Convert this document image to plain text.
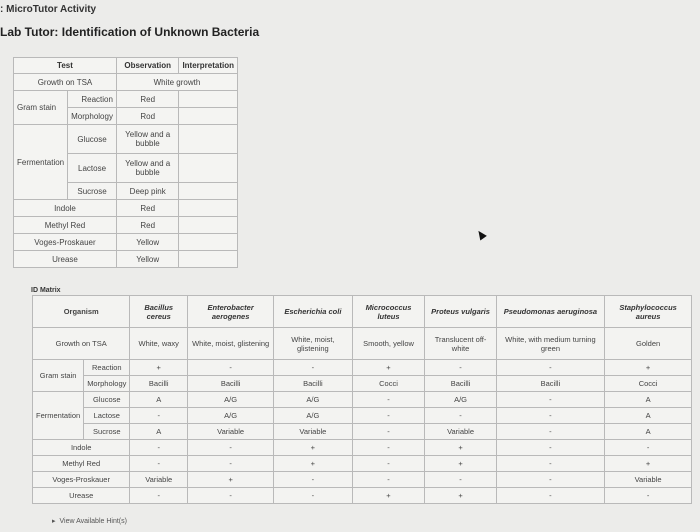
: MicroTutor Activity
Lab Tutor: Identification of Unknown Bacteria
Test		Observation	Interpretation
Growth on TSA		White growth	
Gram stain	Reaction	Red	
	Morphology	Rod	
Fermentation	Glucose	Yellow and a bubble	
	Lactose	Yellow and a bubble	
	Sucrose	Deep pink	
Indole		Red	
Methyl Red		Red	
Voges-Proskauer		Yellow	
Urease		Yellow	
ID Matrix
Organism		Bacillus cereus	Enterobacter aerogenes	Escherichia coli	Micrococcus luteus	Proteus vulgaris	Pseudomonas aeruginosa	Staphylococcus aureus
Growth on TSA		White, waxy	White, moist, glistening	White, moist, glistening	Smooth, yellow	Translucent off-white	White, with medium turning green	Golden
Gram stain	Reaction	+	-	-	+	-	-	+
	Morphology	Bacilli	Bacilli	Bacilli	Cocci	Bacilli	Bacilli	Cocci
Fermentation	Glucose	A	A/G	A/G	-	A/G	-	A
	Lactose	-	A/G	A/G	-	-	-	A
	Sucrose	A	Variable	Variable	-	Variable	-	A
Indole		-	-	+	-	+	-	-
Methyl Red		-	-	+	-	+	-	+
Voges-Proskauer		Variable	+	-	-	-	-	Variable
Urease		-	-	-	+	+	-	-
▸ View Available Hint(s)
